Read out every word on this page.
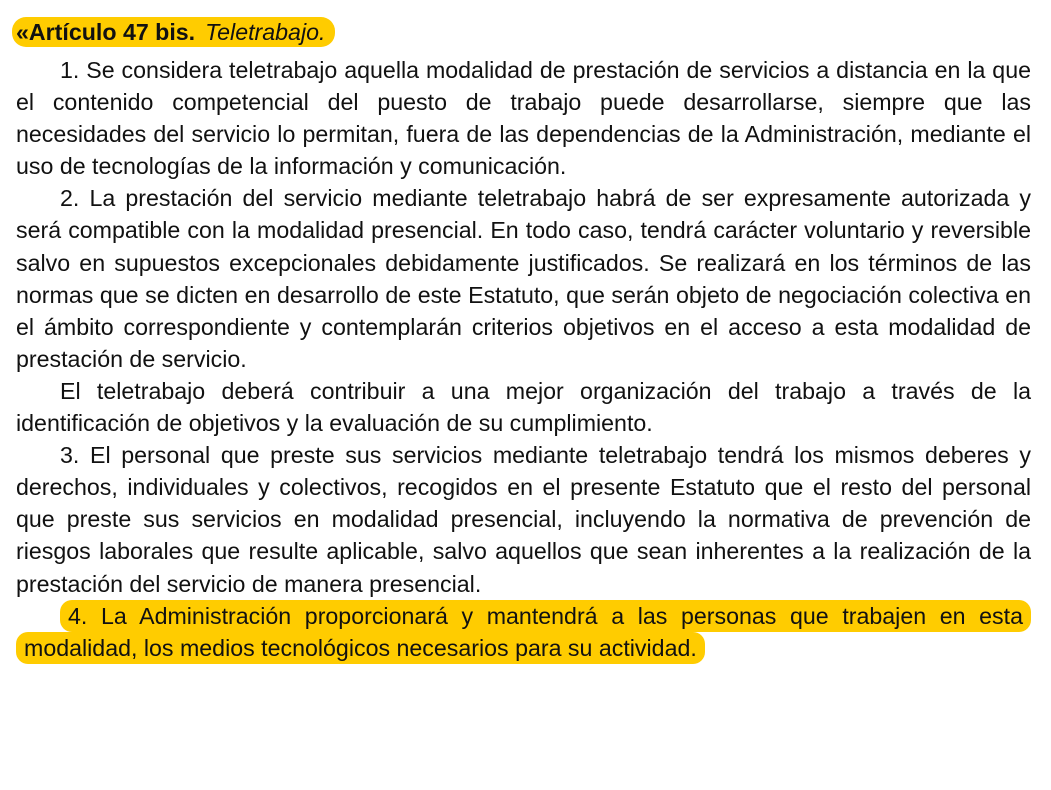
«Artículo 47 bis. Teletrabajo.

1. Se considera teletrabajo aquella modalidad de prestación de servicios a distancia en la que el contenido competencial del puesto de trabajo puede desarrollarse, siempre que las necesidades del servicio lo permitan, fuera de las dependencias de la Administración, mediante el uso de tecnologías de la información y comunicación.

2. La prestación del servicio mediante teletrabajo habrá de ser expresamente autorizada y será compatible con la modalidad presencial. En todo caso, tendrá carácter voluntario y reversible salvo en supuestos excepcionales debidamente justificados. Se realizará en los términos de las normas que se dicten en desarrollo de este Estatuto, que serán objeto de negociación colectiva en el ámbito correspondiente y contemplarán criterios objetivos en el acceso a esta modalidad de prestación de servicio.

El teletrabajo deberá contribuir a una mejor organización del trabajo a través de la identificación de objetivos y la evaluación de su cumplimiento.

3. El personal que preste sus servicios mediante teletrabajo tendrá los mismos deberes y derechos, individuales y colectivos, recogidos en el presente Estatuto que el resto del personal que preste sus servicios en modalidad presencial, incluyendo la normativa de prevención de riesgos laborales que resulte aplicable, salvo aquellos que sean inherentes a la realización de la prestación del servicio de manera presencial.

4. La Administración proporcionará y mantendrá a las personas que trabajen en esta modalidad, los medios tecnológicos necesarios para su actividad.
